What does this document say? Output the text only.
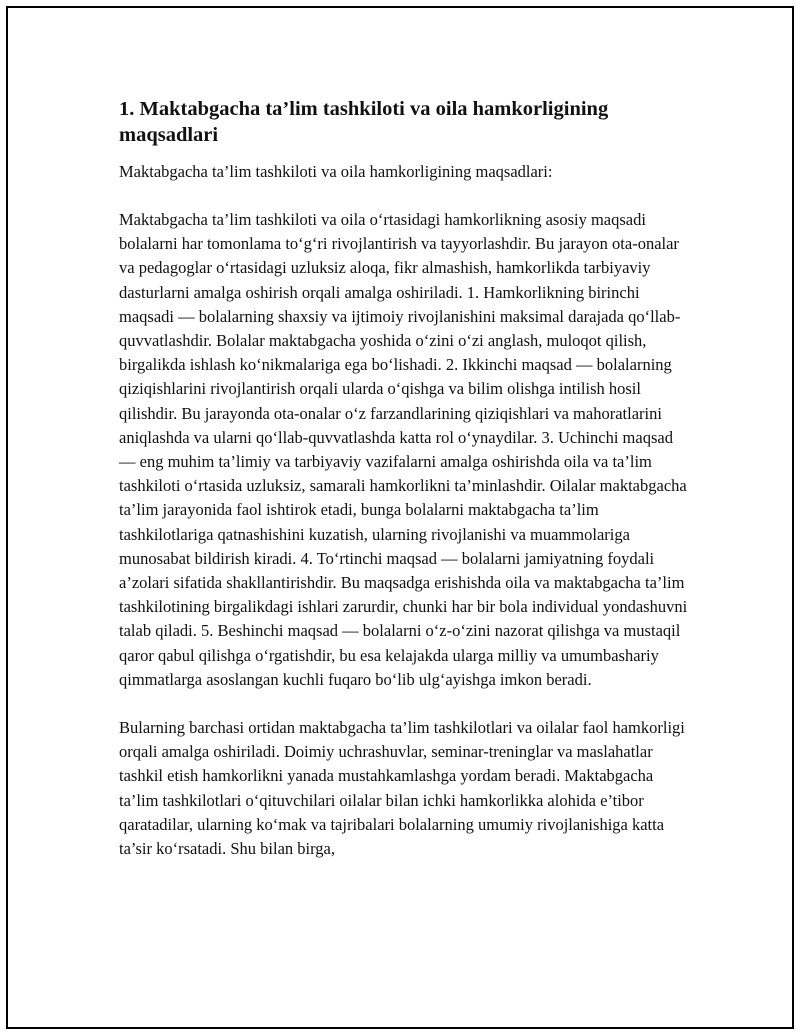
1. Maktabgacha ta’lim tashkiloti va oila hamkorligining maqsadlari

Maktabgacha ta’lim tashkiloti va oila hamkorligining maqsadlari:

Maktabgacha ta’lim tashkiloti va oila o‘rtasidagi hamkorlikning asosiy maqsadi bolalarni har tomonlama to‘g‘ri rivojlantirish va tayyorlashdir. Bu jarayon ota-onalar va pedagoglar o‘rtasidagi uzluksiz aloqa, fikr almashish, hamkorlikda tarbiyaviy dasturlarni amalga oshirish orqali amalga oshiriladi. 1. Hamkorlikning birinchi maqsadi — bolalarning shaxsiy va ijtimoiy rivojlanishini maksimal darajada qo‘llab-quvvatlashdir. Bolalar maktabgacha yoshida o‘zini o‘zi anglash, muloqot qilish, birgalikda ishlash ko‘nikmalariga ega bo‘lishadi. 2. Ikkinchi maqsad — bolalarning qiziqishlarini rivojlantirish orqali ularda o‘qishga va bilim olishga intilish hosil qilishdir. Bu jarayonda ota-onalar o‘z farzandlarining qiziqishlari va mahoratlarini aniqlashda va ularni qo‘llab-quvvatlashda katta rol o‘ynaydilar. 3. Uchinchi maqsad — eng muhim ta’limiy va tarbiyaviy vazifalarni amalga oshirishda oila va ta’lim tashkiloti o‘rtasida uzluksiz, samarali hamkorlikni ta’minlashdir. Oilalar maktabgacha ta’lim jarayonida faol ishtirok etadi, bunga bolalarni maktabgacha ta’lim tashkilotlariga qatnashishini kuzatish, ularning rivojlanishi va muammolariga munosabat bildirish kiradi. 4. To‘rtinchi maqsad — bolalarni jamiyatning foydali a’zolari sifatida shakllantirishdir. Bu maqsadga erishishda oila va maktabgacha ta’lim tashkilotining birgalikdagi ishlari zarurdir, chunki har bir bola individual yondashuvni talab qiladi. 5. Beshinchi maqsad — bolalarni o‘z-o‘zini nazorat qilishga va mustaqil qaror qabul qilishga o‘rgatishdir, bu esa kelajakda ularga milliy va umumbashariy qimmatlarga asoslangan kuchli fuqaro bo‘lib ulg‘ayishga imkon beradi.

Bularning barchasi ortidan maktabgacha ta’lim tashkilotlari va oilalar faol hamkorligi orqali amalga oshiriladi. Doimiy uchrashuvlar, seminar-treninglar va maslahatlar tashkil etish hamkorlikni yanada mustahkamlashga yordam beradi. Maktabgacha ta’lim tashkilotlari o‘qituvchilari oilalar bilan ichki hamkorlikka alohida e’tibor qaratadilar, ularning ko‘mak va tajribalari bolalarning umumiy rivojlanishiga katta ta’sir ko‘rsatadi. Shu bilan birga,
